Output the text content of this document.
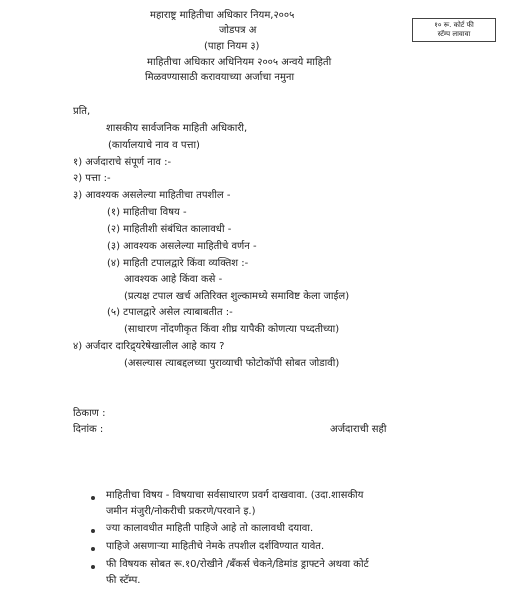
महाराष्ट्र माहितीचा अधिकार नियम,२००५
जोडपत्र अ
(पाहा नियम ३)
माहितीचा अधिकार अधिनियम २००५ अन्वये माहिती
मिळवण्यासाठी करावयाच्या अर्जाचा नमुना
१० रू. कोर्ट फी
स्टॅम्प लावावा
प्रति,
शासकीय सार्वजनिक माहिती अधिकारी,
(कार्यालयाचे नाव व पत्ता)
१) अर्जदाराचे संपूर्ण नाव :-
२) पत्ता :-
३) आवश्यक असलेल्या माहितीचा तपशील -
(१) माहितीचा विषय -
(२) माहितीशी संबंधित कालावधी -
(३) आवश्यक असलेल्या माहितीचे वर्णन -
(४) माहिती टपालद्वारे किंवा व्यक्तिश :-
आवश्यक आहे किंवा कसे -
(प्रत्यक्ष टपाल खर्च अतिरिक्त शुल्कामध्ये समाविष्ट केला जाईल)
(५) टपालद्वारे असेल त्याबाबतीत :-
(साधारण नोंदणीकृत किंवा शीघ्र यापैकी कोणत्या पध्दतीच्या)
४) अर्जदार दारिद्र्यरेषेखालील आहे काय ?
(असल्यास त्याबद्दलच्या पुराव्याची फोटोकॉपी सोबत जोडावी)
ठिकाण :
दिनांक :	अर्जदाराची सही
माहितीचा विषय - विषयाचा सर्वसाधारण प्रवर्ग दाखवावा. (उदा.शासकीय
जमीन मंजुरी/नोकरीची प्रकरणे/परवाने इ.)
ज्या कालावधीत माहिती पाहिजे आहे तो कालावधी दयावा.
पाहिजे असणाऱ्या माहितीचे नेमके तपशील दर्शविण्यात यावेत.
फी विषयक सोबत रू.१0/रोखीने /बॅंकर्स चेकने/डिमांड ड्राफ्टने अथवा कोर्ट
फी स्टॅम्प.
